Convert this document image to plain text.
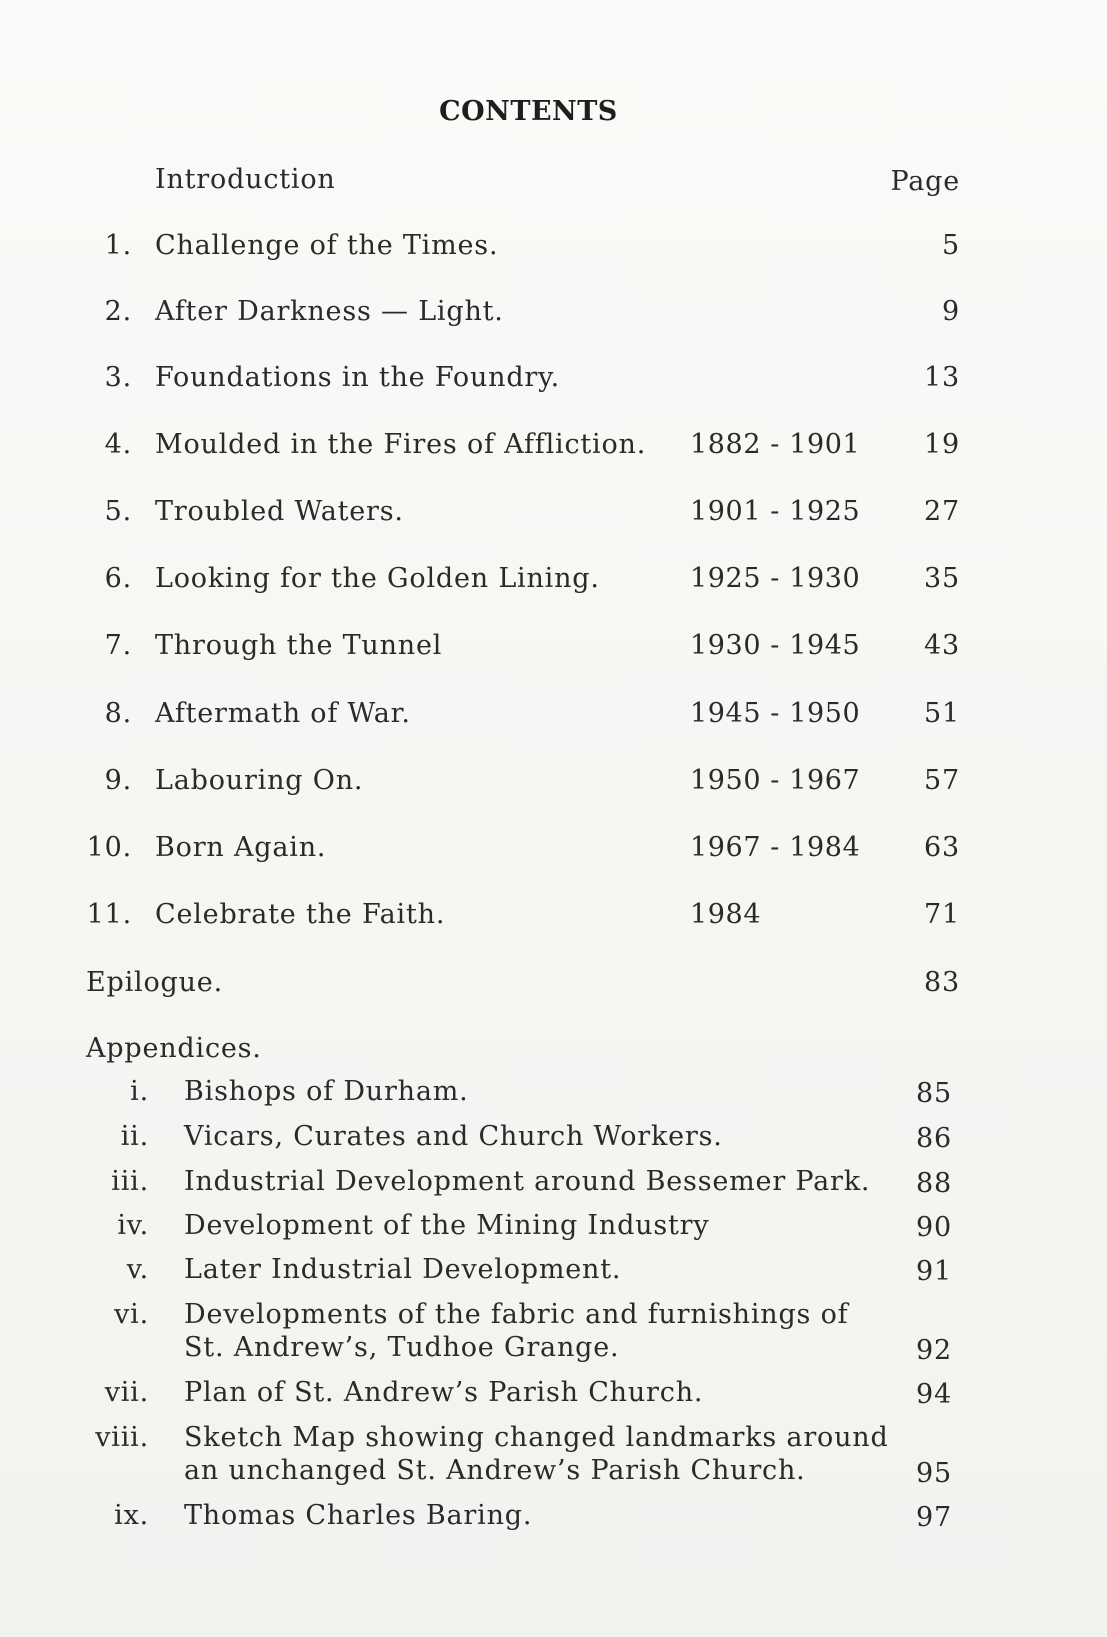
CONTENTS
Introduction	Page
1. Challenge of the Times.	5
2. After Darkness — Light.	9
3. Foundations in the Foundry.	13
4. Moulded in the Fires of Affliction. 1882 - 1901 19
5. Troubled Waters.	1901 - 1925 27
6. Looking for the Golden Lining.	1925 - 1930 35
7. Through the Tunnel	1930 - 1945 43
8. Aftermath of War.	1945 - 1950 51
9. Labouring On.	1950 - 1967 57
10. Born Again.	1967 - 1984 63
11. Celebrate the Faith.	1984	71
Epilogue.	83
Appendices.
i. Bishops of Durham.	85
ii. Vicars, Curates and Church Workers.	86
iii. Industrial Development around Bessemer Park. 88
iv. Development of the Mining Industry	90
v. Later Industrial Development.	91
vi. Developments of the fabric and furnishings of
St. Andrew’s, Tudhoe Grange.	92
vii. Plan of St. Andrew’s Parish Church.	94
viii. Sketch Map showing changed landmarks around
an unchanged St. Andrew’s Parish Church.	95
ix. Thomas Charles Baring.	97
